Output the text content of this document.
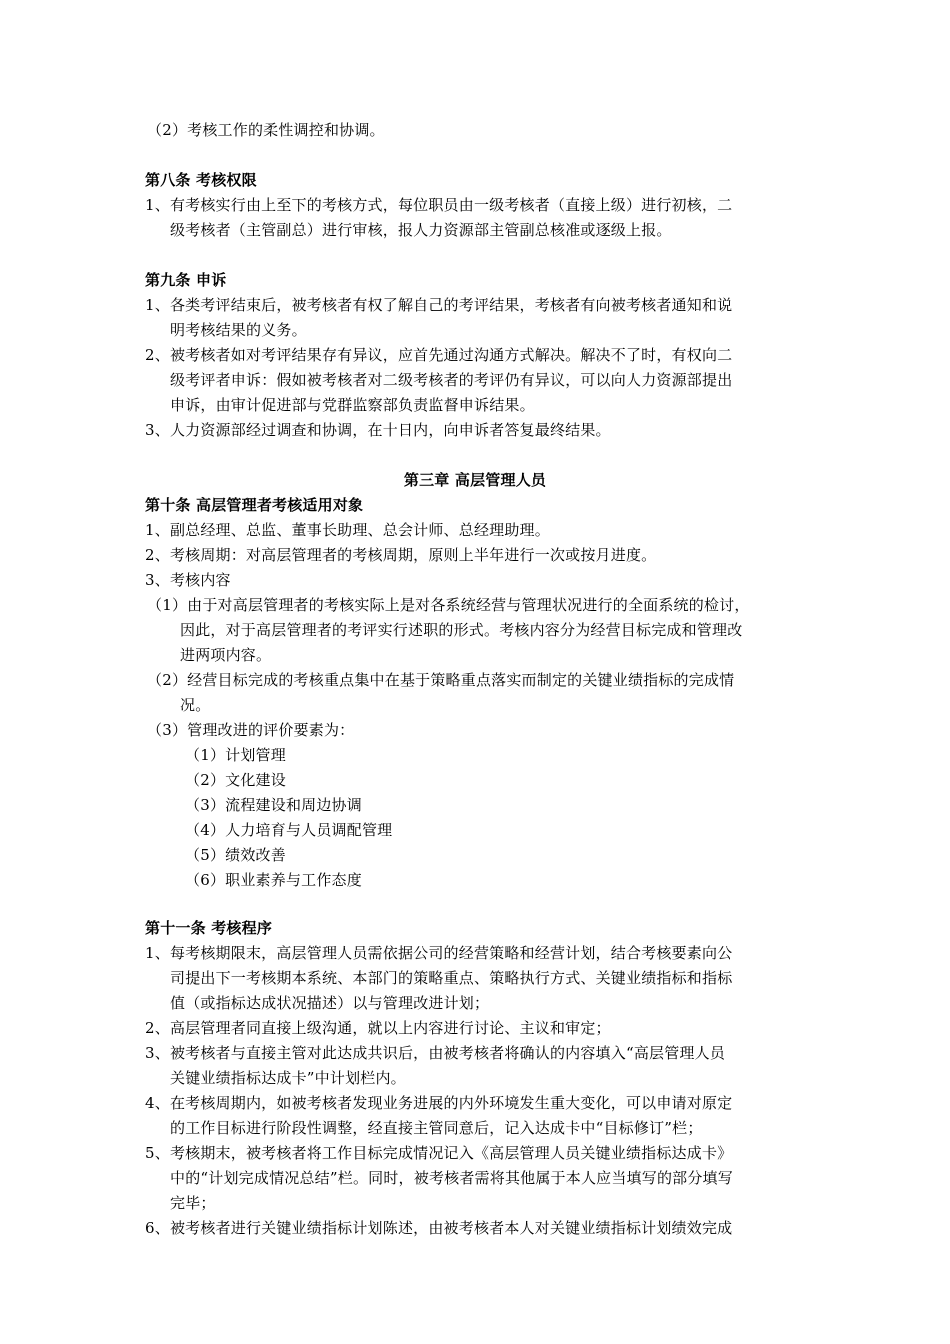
（2）考核工作的柔性调控和协调。
第八条 考核权限
1、有考核实行由上至下的考核方式，每位职员由一级考核者（直接上级）进行初核，二
级考核者（主管副总）进行审核，报人力资源部主管副总核准或逐级上报。
第九条 申诉
1、各类考评结束后，被考核者有权了解自己的考评结果，考核者有向被考核者通知和说
明考核结果的义务。
2、被考核者如对考评结果存有异议，应首先通过沟通方式解决。解决不了时，有权向二
级考评者申诉：假如被考核者对二级考核者的考评仍有异议，可以向人力资源部提出
申诉，由审计促进部与党群监察部负责监督申诉结果。
3、人力资源部经过调查和协调，在十日内，向申诉者答复最终结果。
第三章 高层管理人员
第十条 高层管理者考核适用对象
1、副总经理、总监、董事长助理、总会计师、总经理助理。
2、考核周期：对高层管理者的考核周期，原则上半年进行一次或按月进度。
3、考核内容
（1）由于对高层管理者的考核实际上是对各系统经营与管理状况进行的全面系统的检讨，
因此，对于高层管理者的考评实行述职的形式。考核内容分为经营目标完成和管理改
进两项内容。
（2）经营目标完成的考核重点集中在基于策略重点落实而制定的关键业绩指标的完成情
况。
（3）管理改进的评价要素为：
（1）计划管理
（2）文化建设
（3）流程建设和周边协调
（4）人力培育与人员调配管理
（5）绩效改善
（6）职业素养与工作态度
第十一条 考核程序
1、每考核期限末，高层管理人员需依据公司的经营策略和经营计划，结合考核要素向公
司提出下一考核期本系统、本部门的策略重点、策略执行方式、关键业绩指标和指标
值（或指标达成状况描述）以与管理改进计划；
2、高层管理者同直接上级沟通，就以上内容进行讨论、主议和审定；
3、被考核者与直接主管对此达成共识后，由被考核者将确认的内容填入“高层管理人员
关键业绩指标达成卡”中计划栏内。
4、在考核周期内，如被考核者发现业务进展的内外环境发生重大变化，可以申请对原定
的工作目标进行阶段性调整，经直接主管同意后，记入达成卡中“目标修订”栏；
5、考核期末，被考核者将工作目标完成情况记入《高层管理人员关键业绩指标达成卡》
中的“计划完成情况总结”栏。同时，被考核者需将其他属于本人应当填写的部分填写
完毕；
6、被考核者进行关键业绩指标计划陈述，由被考核者本人对关键业绩指标计划绩效完成
